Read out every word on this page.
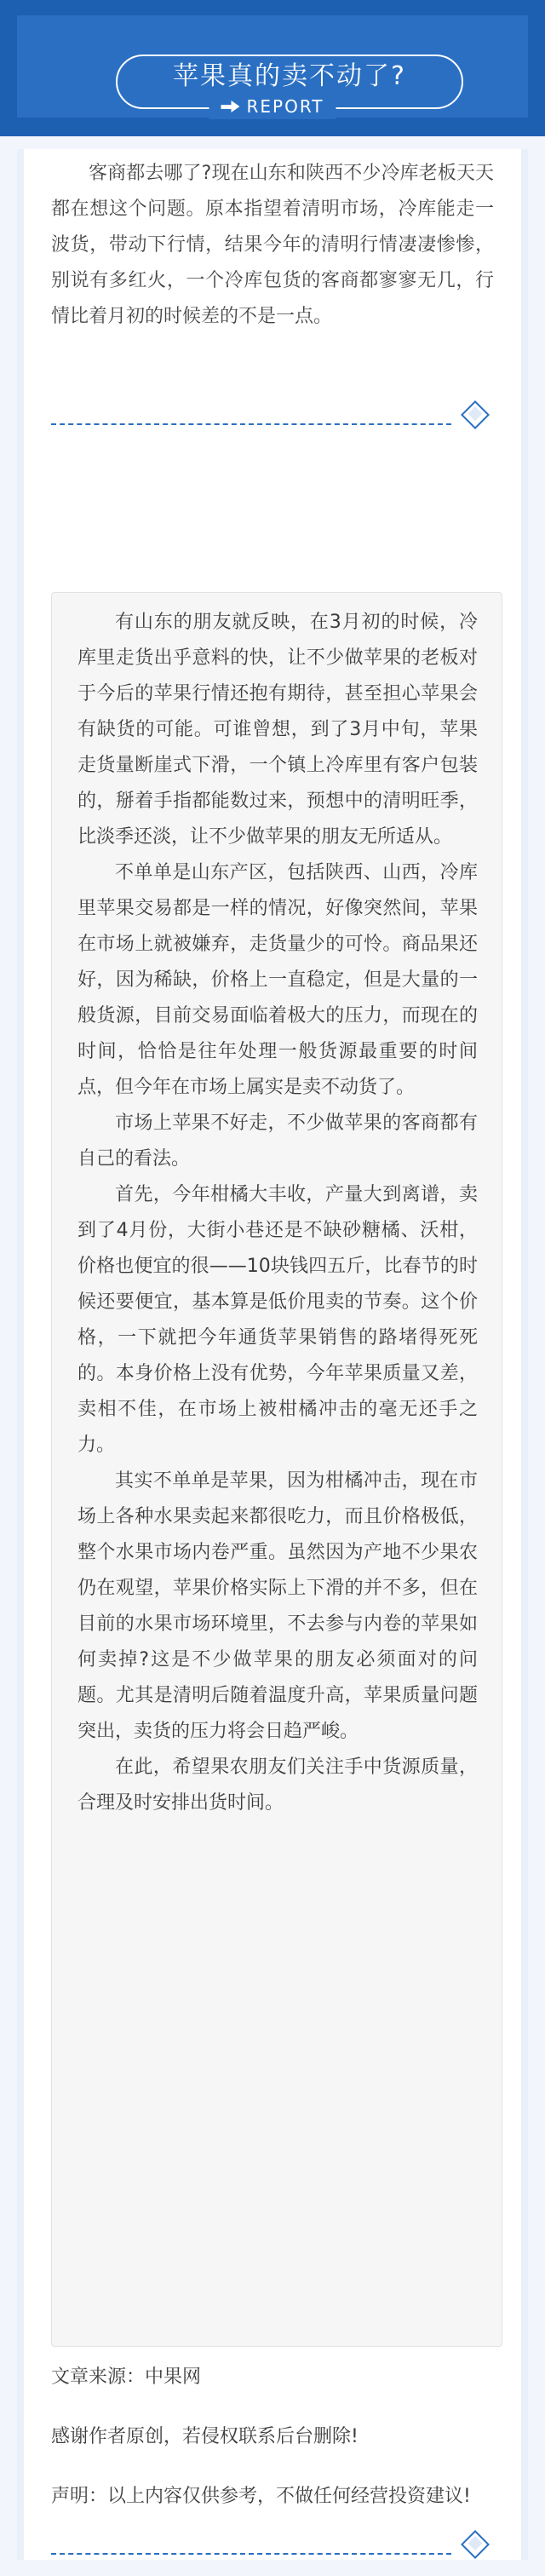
苹果真的卖不动了?
REPORT
客商都去哪了?现在山东和陕西不少冷库老板天天都在想这个问题。原本指望着清明市场，冷库能走一波货，带动下行情，结果今年的清明行情凄凄惨惨，别说有多红火，一个冷库包货的客商都寥寥无几，行情比着月初的时候差的不是一点。

有山东的朋友就反映，在3月初的时候，冷库里走货出乎意料的快，让不少做苹果的老板对于今后的苹果行情还抱有期待，甚至担心苹果会有缺货的可能。可谁曾想，到了3月中旬，苹果走货量断崖式下滑，一个镇上冷库里有客户包装的，掰着手指都能数过来，预想中的清明旺季，比淡季还淡，让不少做苹果的朋友无所适从。

不单单是山东产区，包括陕西、山西，冷库里苹果交易都是一样的情况，好像突然间，苹果在市场上就被嫌弃，走货量少的可怜。商品果还好，因为稀缺，价格上一直稳定，但是大量的一般货源，目前交易面临着极大的压力，而现在的时间，恰恰是往年处理一般货源最重要的时间点，但今年在市场上属实是卖不动货了。

市场上苹果不好走，不少做苹果的客商都有自己的看法。

首先，今年柑橘大丰收，产量大到离谱，卖到了4月份，大街小巷还是不缺砂糖橘、沃柑，价格也便宜的很——10块钱四五斤，比春节的时候还要便宜，基本算是低价甩卖的节奏。这个价格，一下就把今年通货苹果销售的路堵得死死的。本身价格上没有优势，今年苹果质量又差，卖相不佳，在市场上被柑橘冲击的毫无还手之力。

其实不单单是苹果，因为柑橘冲击，现在市场上各种水果卖起来都很吃力，而且价格极低，整个水果市场内卷严重。虽然因为产地不少果农仍在观望，苹果价格实际上下滑的并不多，但在目前的水果市场环境里，不去参与内卷的苹果如何卖掉?这是不少做苹果的朋友必须面对的问题。尤其是清明后随着温度升高，苹果质量问题突出，卖货的压力将会日趋严峻。

在此，希望果农朋友们关注手中货源质量，合理及时安排出货时间。

文章来源：中果网
感谢作者原创，若侵权联系后台删除!
声明：以上内容仅供参考，不做任何经营投资建议!
